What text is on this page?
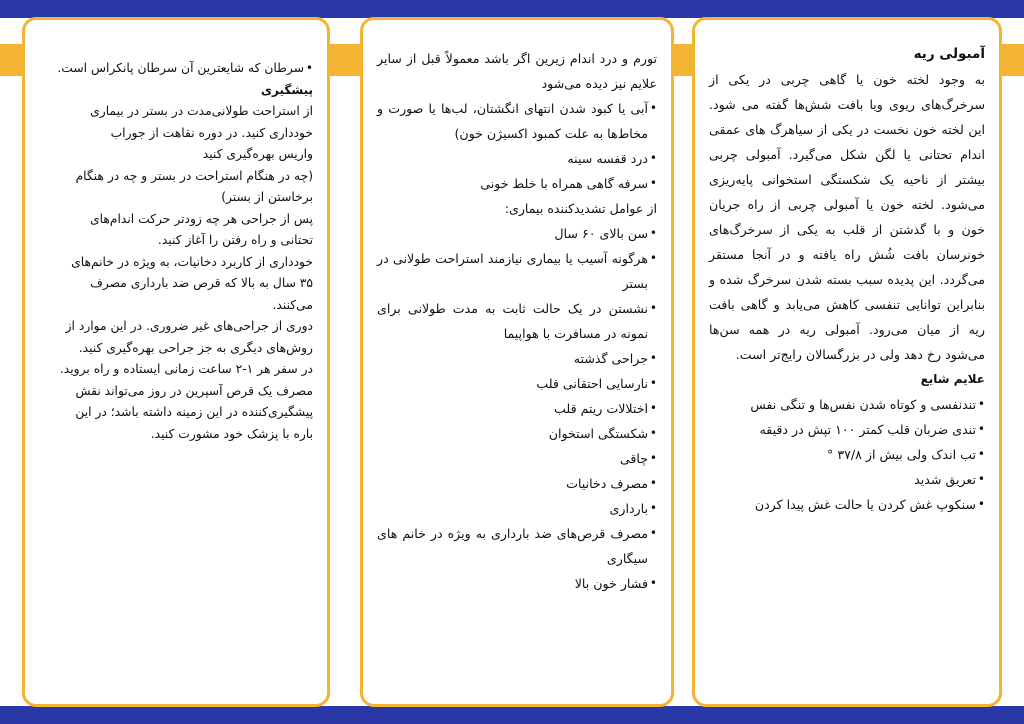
آمبولی ریه

به وجود لخته خون یا گاهی چربی در یکی از سرخرگ‌های ریوی ویا بافت شش‌ها گفته می شود. این لخته خون نخست در یکی از سیاهرگ های عمقی اندام تحتانی یا لگن شکل می‌گیرد. آمبولی چربی بیشتر از ناحیه یک شکستگی استخوانی پایه‌ریزی می‌شود. لخته خون یا آمبولی چربی از راه جریان خون و با گذشتن از قلب به یکی از سرخرگ‌های خونرسان بافت شُش راه یافته و در آنجا مستقر می‌گردد. این پدیده سبب بسته شدن سرخرگ شده و بنابراین توانایی تنفسی کاهش می‌یابد و گاهی بافت ریه از میان می‌رود. آمبولی ریه در همه سن‌ها می‌شود رخ دهد ولی در بزرگسالان رایج‌تر است.

علایم شایع
• تندنفسی و کوتاه شدن نفس‌ها و تنگی نفس
• تندی ضربان قلب کمتر ۱۰۰ تپش در دقیقه
• تب اندک ولی بیش از ۳۷/۸ °
• تعریق شدید
• سنکوپ غش کردن یا حالت غش پیدا کردن

تورم و درد اندام زیرین اگر باشد معمولاً قبل از سایر علایم نیز دیده می‌شود

• آبی یا کبود شدن انتهای انگشتان، لب‌ها یا صورت و مخاط‌ها به علت کمبود اکسیژن خون)
• درد قفسه سینه
• سرفه گاهی همراه با خلط خونی

از عوامل تشدیدکننده بیماری:

• سن بالای ۶۰ سال
• هرگونه آسیب یا بیماری نیازمند استراحت طولانی در بستر
• نشستن در یک حالت ثابت به مدت طولانی برای نمونه در مسافرت با هواپیما
• جراحی گذشته
• نارسایی احتقانی قلب
• اختلالات ریتم قلب
• شکستگی استخوان
• چاقی
• مصرف دخانیات
• بارداری
• مصرف قرص‌های ضد بارداری به ویژه در خانم های سیگاری
• فشار خون بالا
• سرطان که شایعترین آن سرطان پانکراس است.
پیشگیری
از استراحت طولانی‌مدت در بستر در بیماری
خودداری کنید. در دوره نقاهت از جوراب
واریس بهره‌گیری کنید
(چه در هنگام استراحت در بستر و چه در هنگام
برخاستن از بستر)
پس از جراحی هر چه زودتر حرکت اندام‌های
تحتانی و راه رفتن را آغاز کنید.
خودداری از کاربرد دخانیات، به ویژه در خانم‌های
۳۵ سال به بالا که قرص ضد بارداری مصرف
می‌کنند.
دوری از جراحی‌های غیر ضروری. در این موارد از
روش‌های دیگری به جز جراحی بهره‌گیری کنید.
در سفر هر ۱-۲ ساعت زمانی ایستاده و راه بروید.
مصرف یک قرص آسپرین در روز می‌تواند نقش
پیشگیری‌کننده در این زمینه داشته باشد؛ در این
باره با پزشک خود مشورت کنید.
